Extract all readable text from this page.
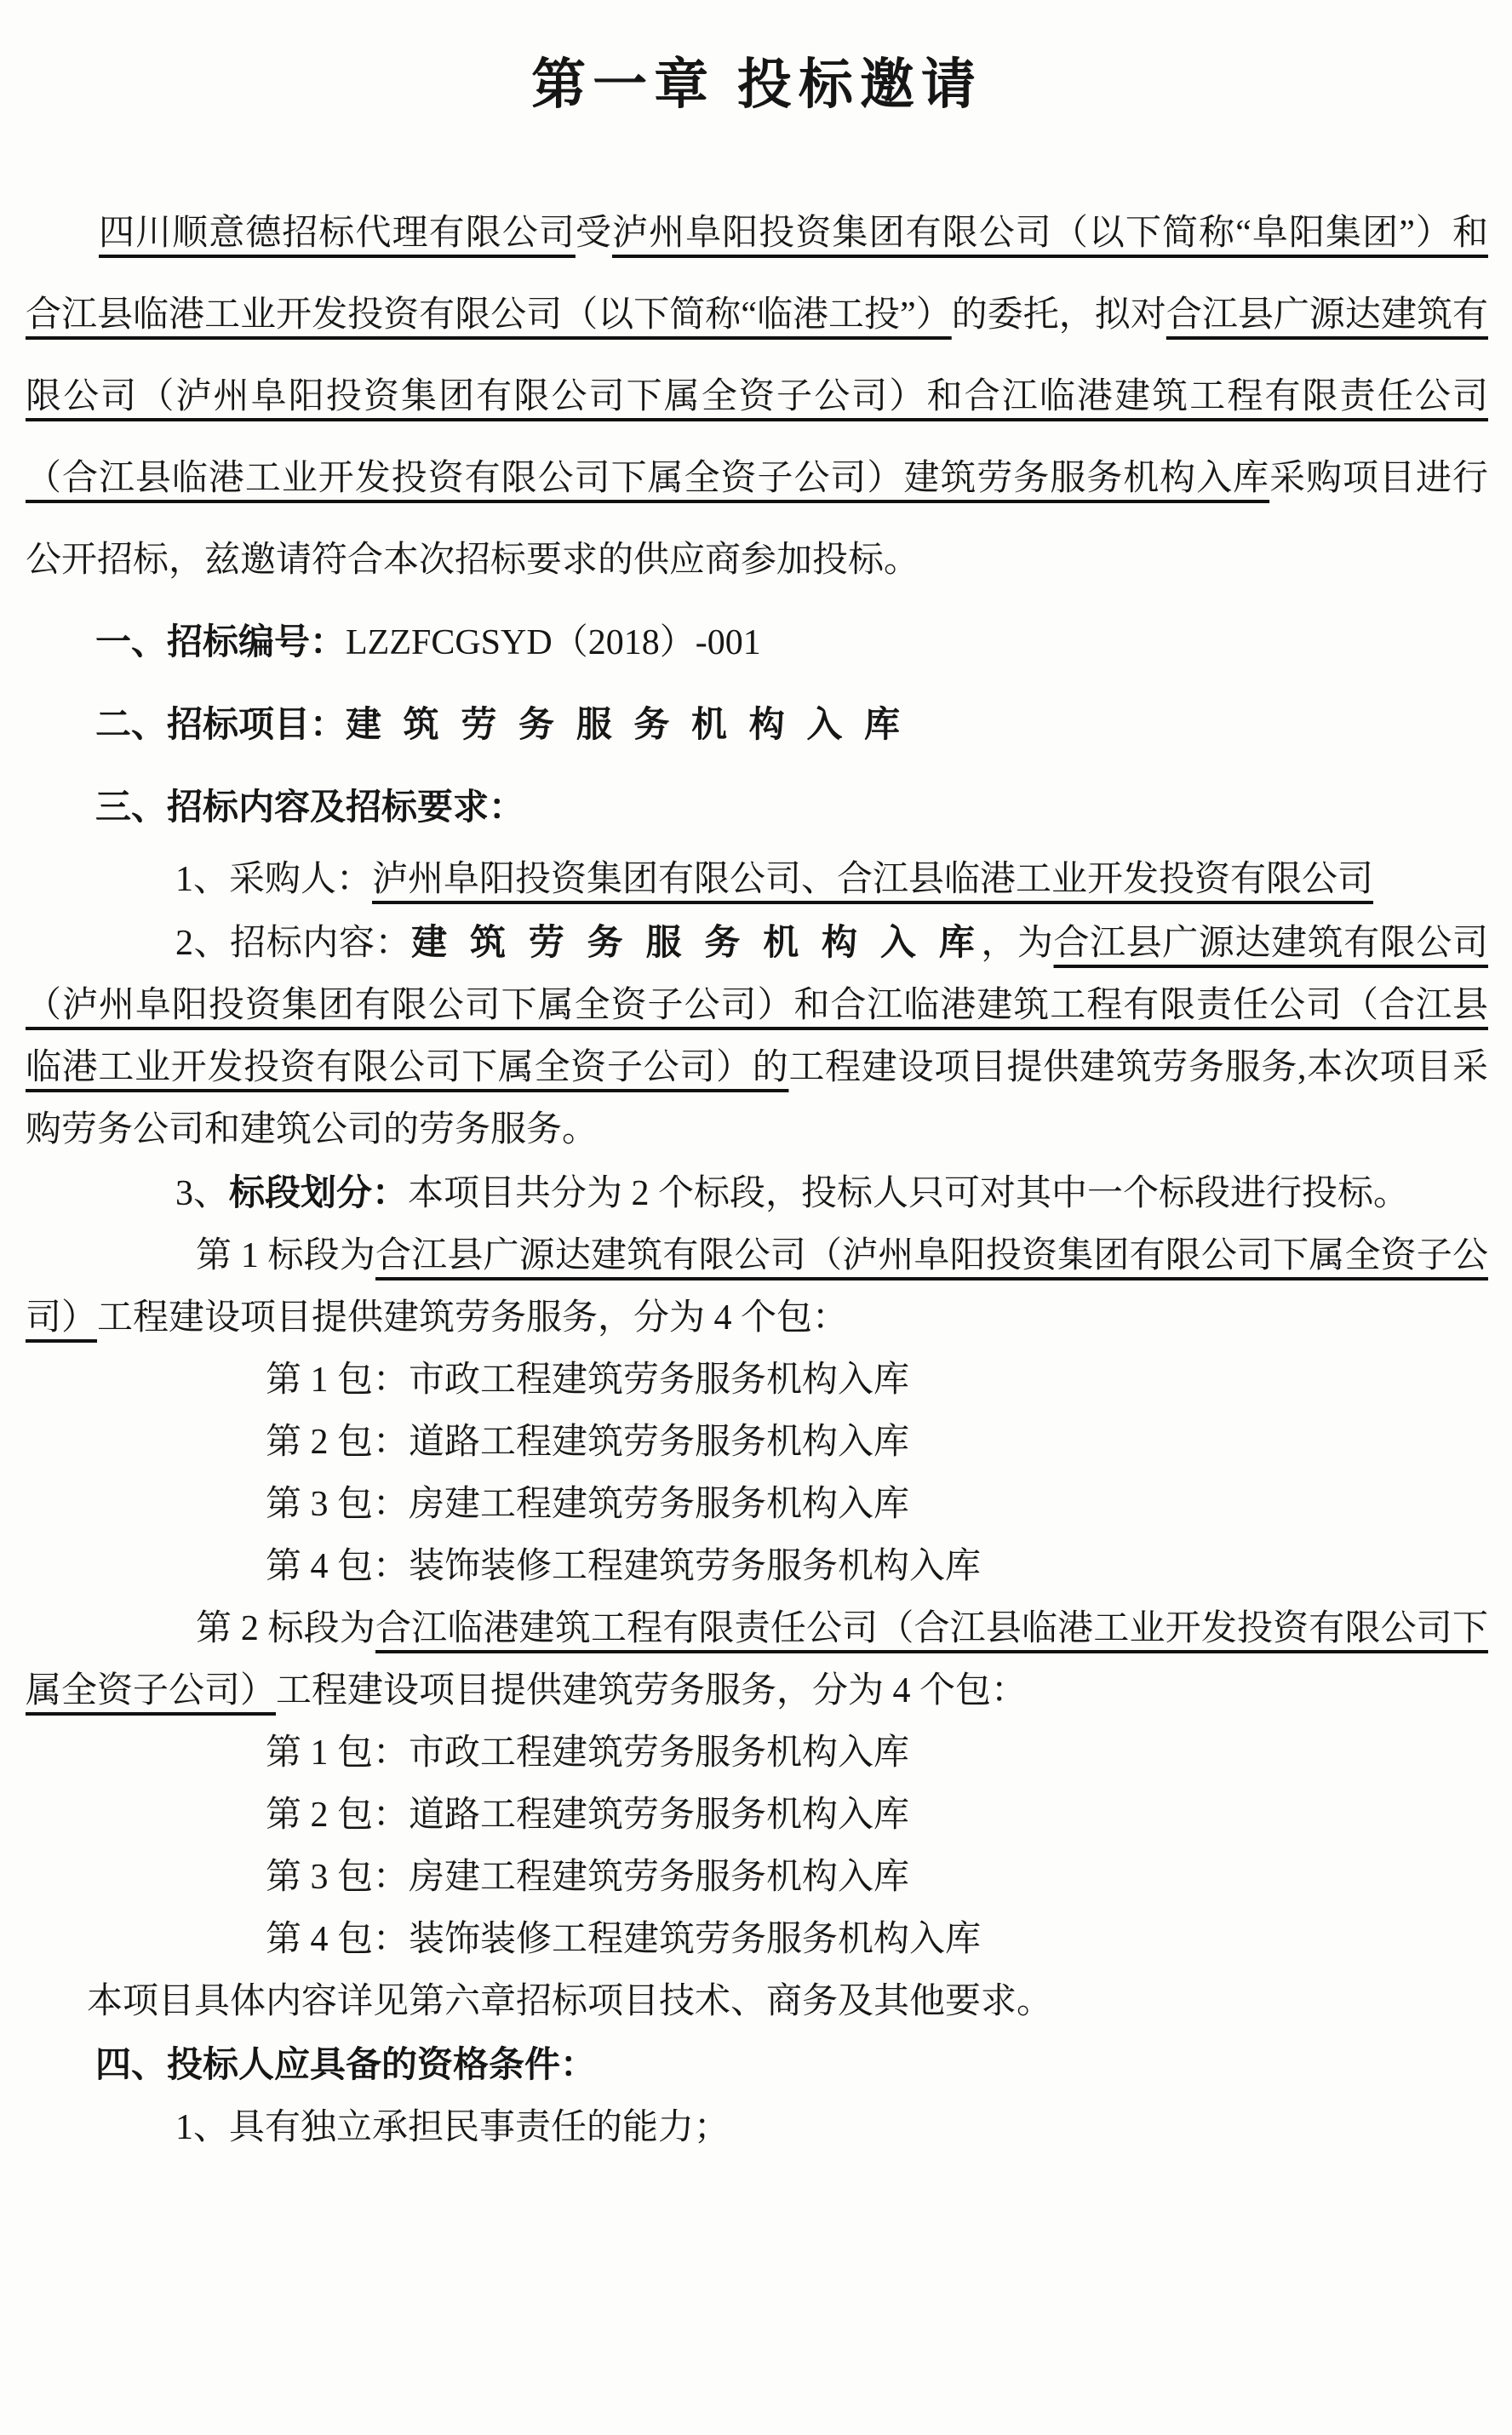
第一章 投标邀请

四川顺意德招标代理有限公司受泸州阜阳投资集团有限公司（以下简称“阜阳集团”）和合江县临港工业开发投资有限公司（以下简称“临港工投”）的委托，拟对合江县广源达建筑有限公司（泸州阜阳投资集团有限公司下属全资子公司）和合江临港建筑工程有限责任公司（合江县临港工业开发投资有限公司下属全资子公司）建筑劳务服务机构入库采购项目进行公开招标，兹邀请符合本次招标要求的供应商参加投标。

一、招标编号：LZZFCGSYD（2018）-001

二、招标项目：建 筑 劳 务 服 务 机 构 入 库

三、招标内容及招标要求：

1、采购人：泸州阜阳投资集团有限公司、合江县临港工业开发投资有限公司

2、招标内容：建 筑 劳 务 服 务 机 构 入 库，为合江县广源达建筑有限公司（泸州阜阳投资集团有限公司下属全资子公司）和合江临港建筑工程有限责任公司（合江县临港工业开发投资有限公司下属全资子公司）的工程建设项目提供建筑劳务服务,本次项目采购劳务公司和建筑公司的劳务服务。

3、标段划分：本项目共分为 2 个标段，投标人只可对其中一个标段进行投标。

第 1 标段为合江县广源达建筑有限公司（泸州阜阳投资集团有限公司下属全资子公司）工程建设项目提供建筑劳务服务，分为 4 个包：

第 1 包：市政工程建筑劳务服务机构入库

第 2 包：道路工程建筑劳务服务机构入库

第 3 包：房建工程建筑劳务服务机构入库

第 4 包：装饰装修工程建筑劳务服务机构入库

第 2 标段为合江临港建筑工程有限责任公司（合江县临港工业开发投资有限公司下属全资子公司）工程建设项目提供建筑劳务服务，分为 4 个包：

第 1 包：市政工程建筑劳务服务机构入库

第 2 包：道路工程建筑劳务服务机构入库

第 3 包：房建工程建筑劳务服务机构入库

第 4 包：装饰装修工程建筑劳务服务机构入库

本项目具体内容详见第六章招标项目技术、商务及其他要求。

四、投标人应具备的资格条件：

1、具有独立承担民事责任的能力；
